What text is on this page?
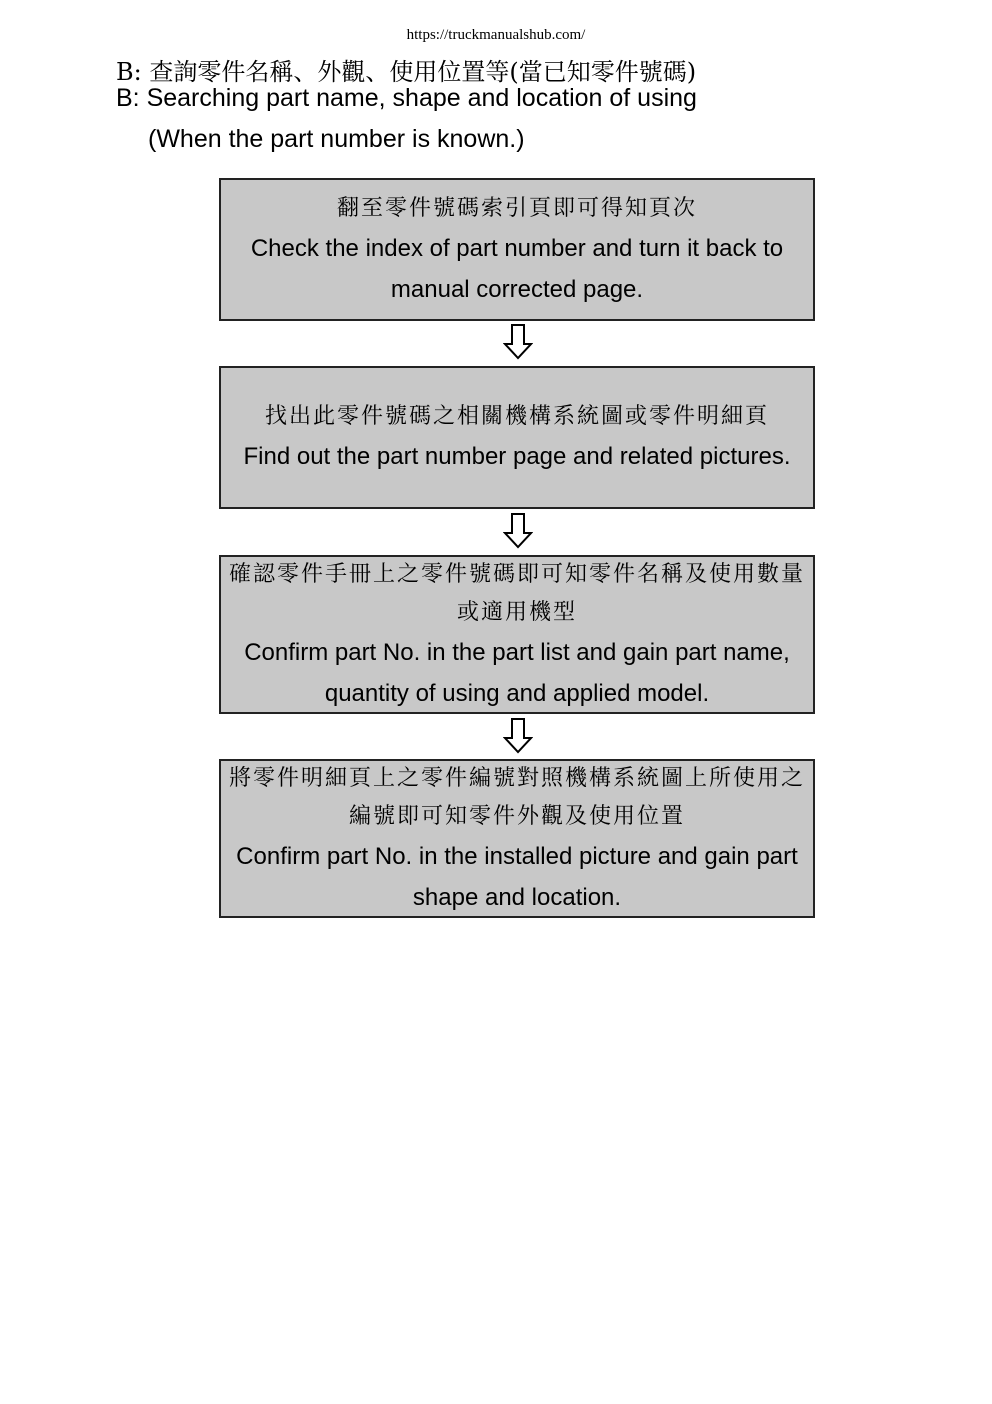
https://truckmanualshub.com/
B: 查詢零件名稱、外觀、使用位置等(當已知零件號碼)
B: Searching part name, shape and location of using
(When the part number is known.)
翻至零件號碼索引頁即可得知頁次
Check the index of part number and turn it back to manual corrected page.
找出此零件號碼之相關機構系統圖或零件明細頁
Find out the part number page and related pictures.
確認零件手冊上之零件號碼即可知零件名稱及使用數量或適用機型
Confirm part No. in the part list and gain part name, quantity of using and applied model.
將零件明細頁上之零件編號對照機構系統圖上所使用之編號即可知零件外觀及使用位置
Confirm part No. in the installed picture and gain part shape and location.
